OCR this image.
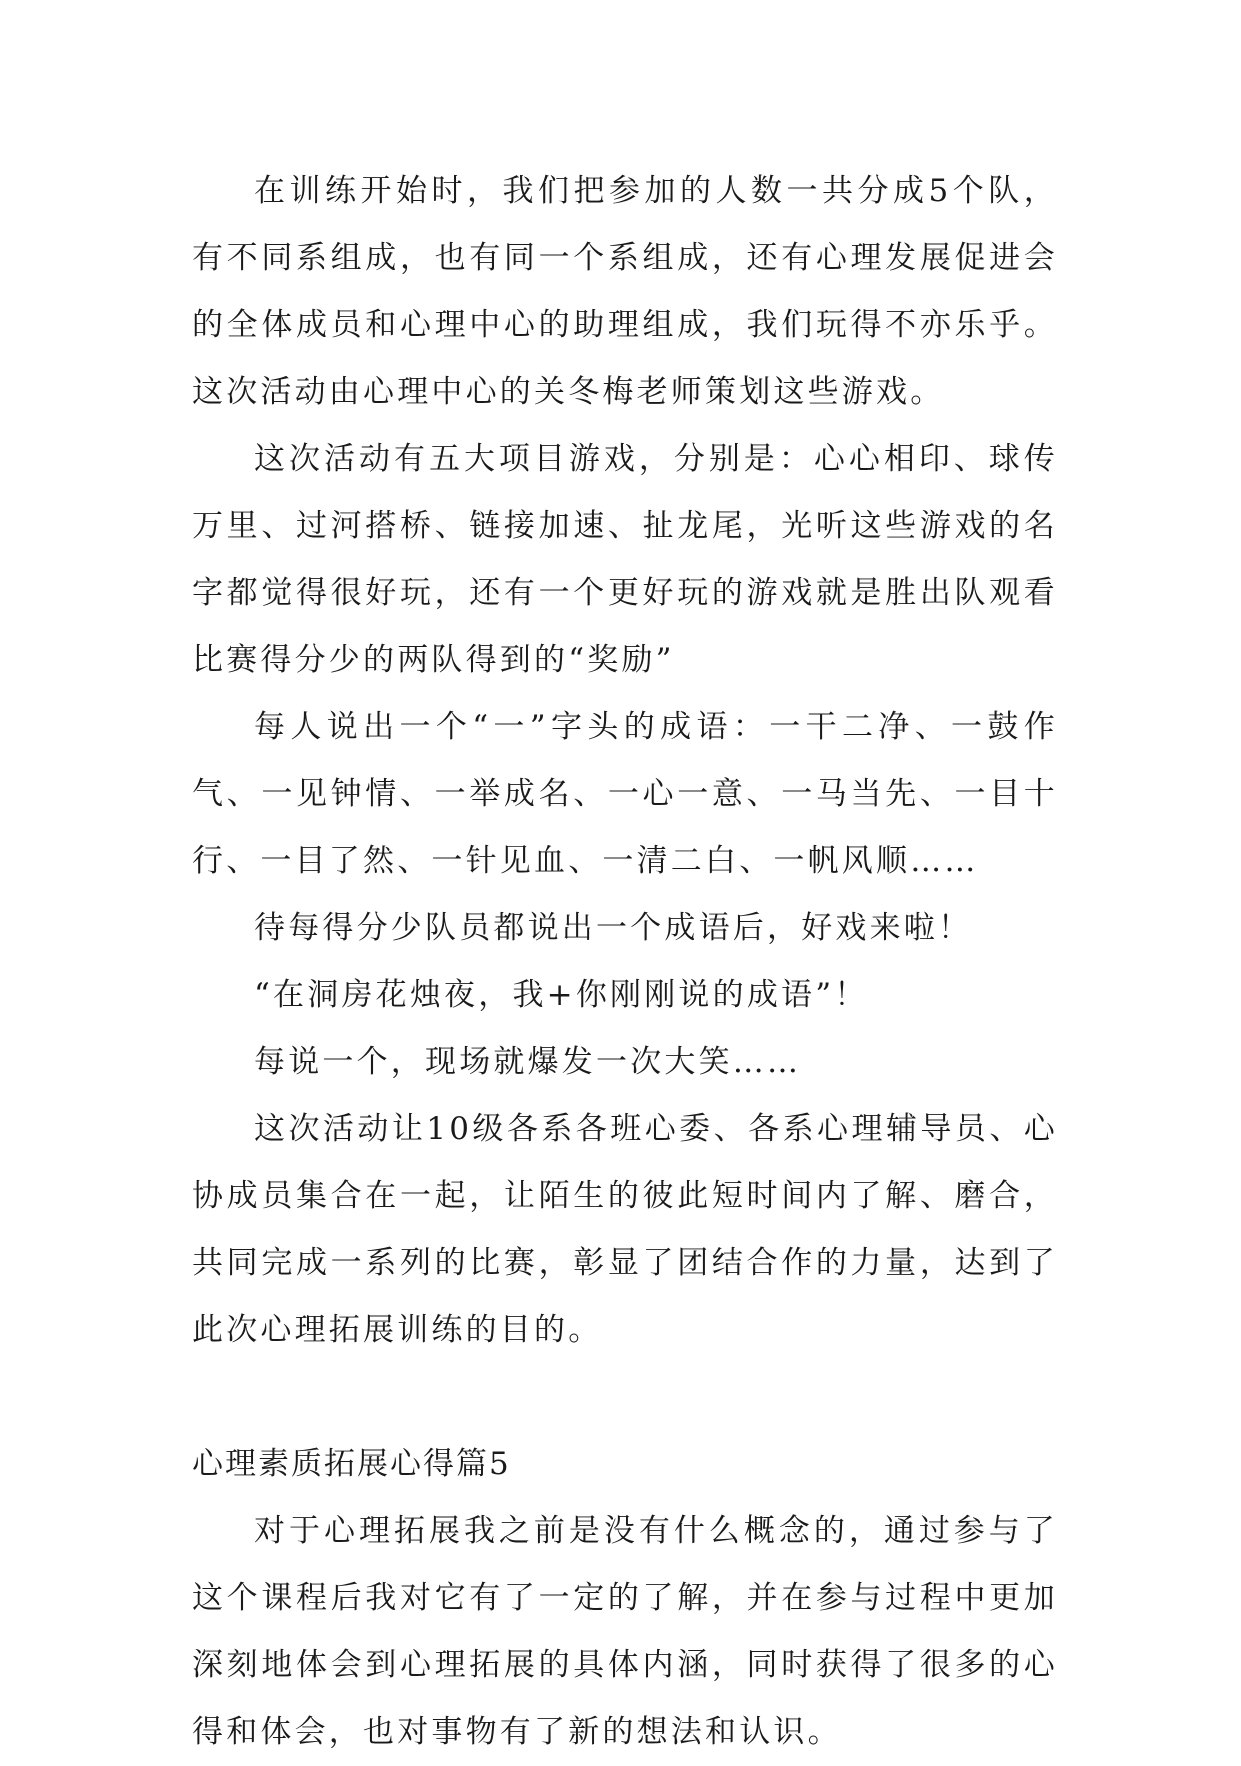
在训练开始时，我们把参加的人数一共分成5个队，有不同系组成，也有同一个系组成，还有心理发展促进会的全体成员和心理中心的助理组成，我们玩得不亦乐乎。这次活动由心理中心的关冬梅老师策划这些游戏。

这次活动有五大项目游戏，分别是：心心相印、球传万里、过河搭桥、链接加速、扯龙尾，光听这些游戏的名字都觉得很好玩，还有一个更好玩的游戏就是胜出队观看比赛得分少的两队得到的“奖励”

每人说出一个“一”字头的成语：一干二净、一鼓作气、一见钟情、一举成名、一心一意、一马当先、一目十行、一目了然、一针见血、一清二白、一帆风顺……

待每得分少队员都说出一个成语后，好戏来啦！

“在洞房花烛夜，我+你刚刚说的成语”！

每说一个，现场就爆发一次大笑……

这次活动让10级各系各班心委、各系心理辅导员、心协成员集合在一起，让陌生的彼此短时间内了解、磨合，共同完成一系列的比赛，彰显了团结合作的力量，达到了此次心理拓展训练的目的。

心理素质拓展心得篇5

对于心理拓展我之前是没有什么概念的，通过参与了这个课程后我对它有了一定的了解，并在参与过程中更加深刻地体会到心理拓展的具体内涵，同时获得了很多的心得和体会，也对事物有了新的想法和认识。
